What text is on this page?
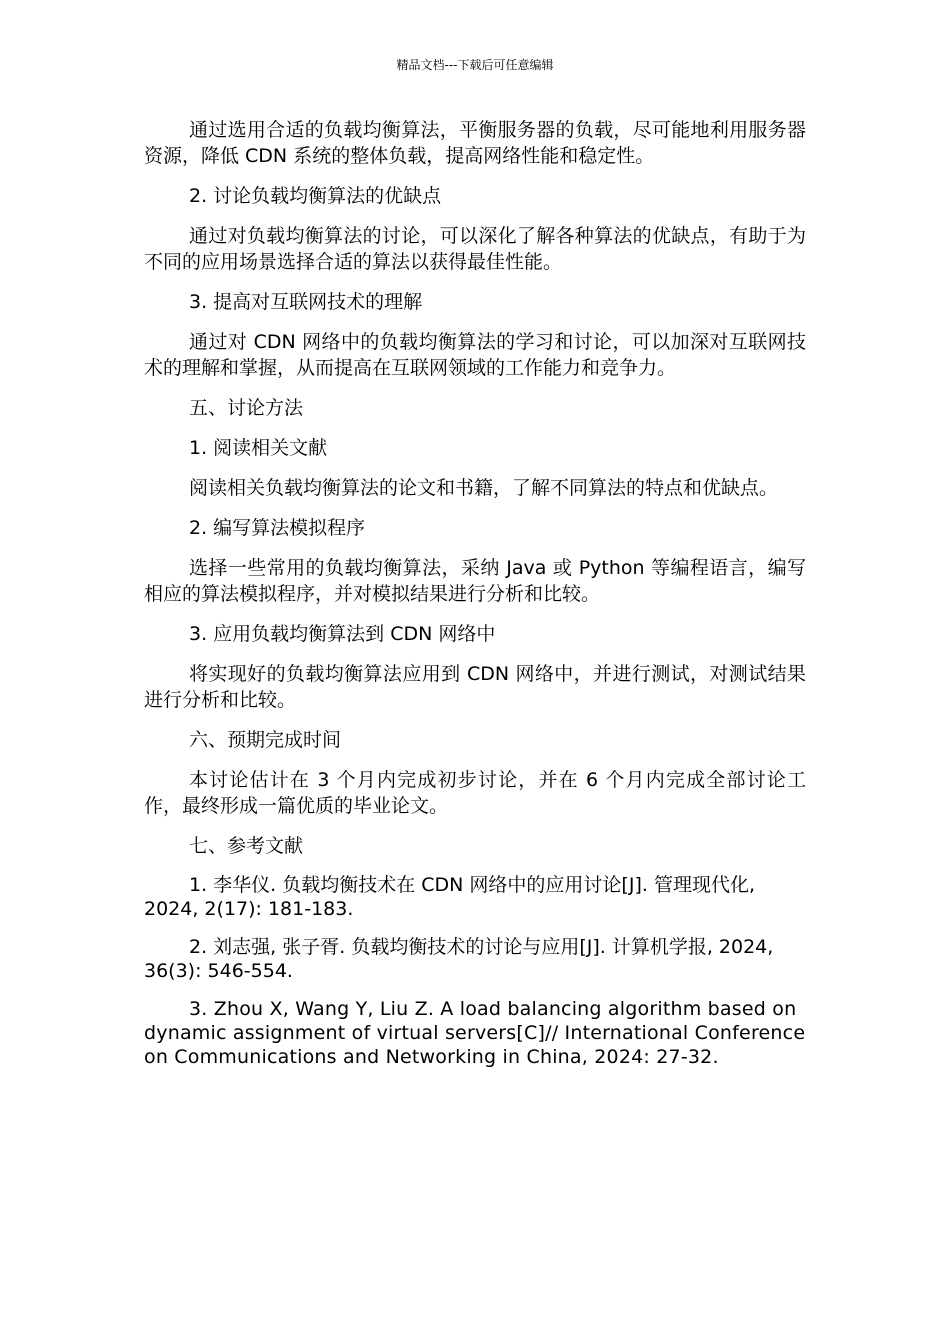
精品文档---下载后可任意编辑

通过选用合适的负载均衡算法，平衡服务器的负载，尽可能地利用服务器资源，降低 CDN 系统的整体负载，提高网络性能和稳定性。

2. 讨论负载均衡算法的优缺点

通过对负载均衡算法的讨论，可以深化了解各种算法的优缺点，有助于为不同的应用场景选择合适的算法以获得最佳性能。

3. 提高对互联网技术的理解

通过对 CDN 网络中的负载均衡算法的学习和讨论，可以加深对互联网技术的理解和掌握，从而提高在互联网领域的工作能力和竞争力。

五、讨论方法

1. 阅读相关文献

阅读相关负载均衡算法的论文和书籍，了解不同算法的特点和优缺点。

2. 编写算法模拟程序

选择一些常用的负载均衡算法，采纳 Java 或 Python 等编程语言，编写相应的算法模拟程序，并对模拟结果进行分析和比较。

3. 应用负载均衡算法到 CDN 网络中

将实现好的负载均衡算法应用到 CDN 网络中，并进行测试，对测试结果进行分析和比较。

六、预期完成时间

本讨论估计在 3 个月内完成初步讨论，并在 6 个月内完成全部讨论工作，最终形成一篇优质的毕业论文。

七、参考文献

1. 李华仪. 负载均衡技术在 CDN 网络中的应用讨论[J]. 管理现代化, 2024, 2(17): 181-183.

2. 刘志强, 张子胥. 负载均衡技术的讨论与应用[J]. 计算机学报, 2024, 36(3): 546-554.

3. Zhou X, Wang Y, Liu Z. A load balancing algorithm based on dynamic assignment of virtual servers[C]// International Conference on Communications and Networking in China, 2024: 27-32.
